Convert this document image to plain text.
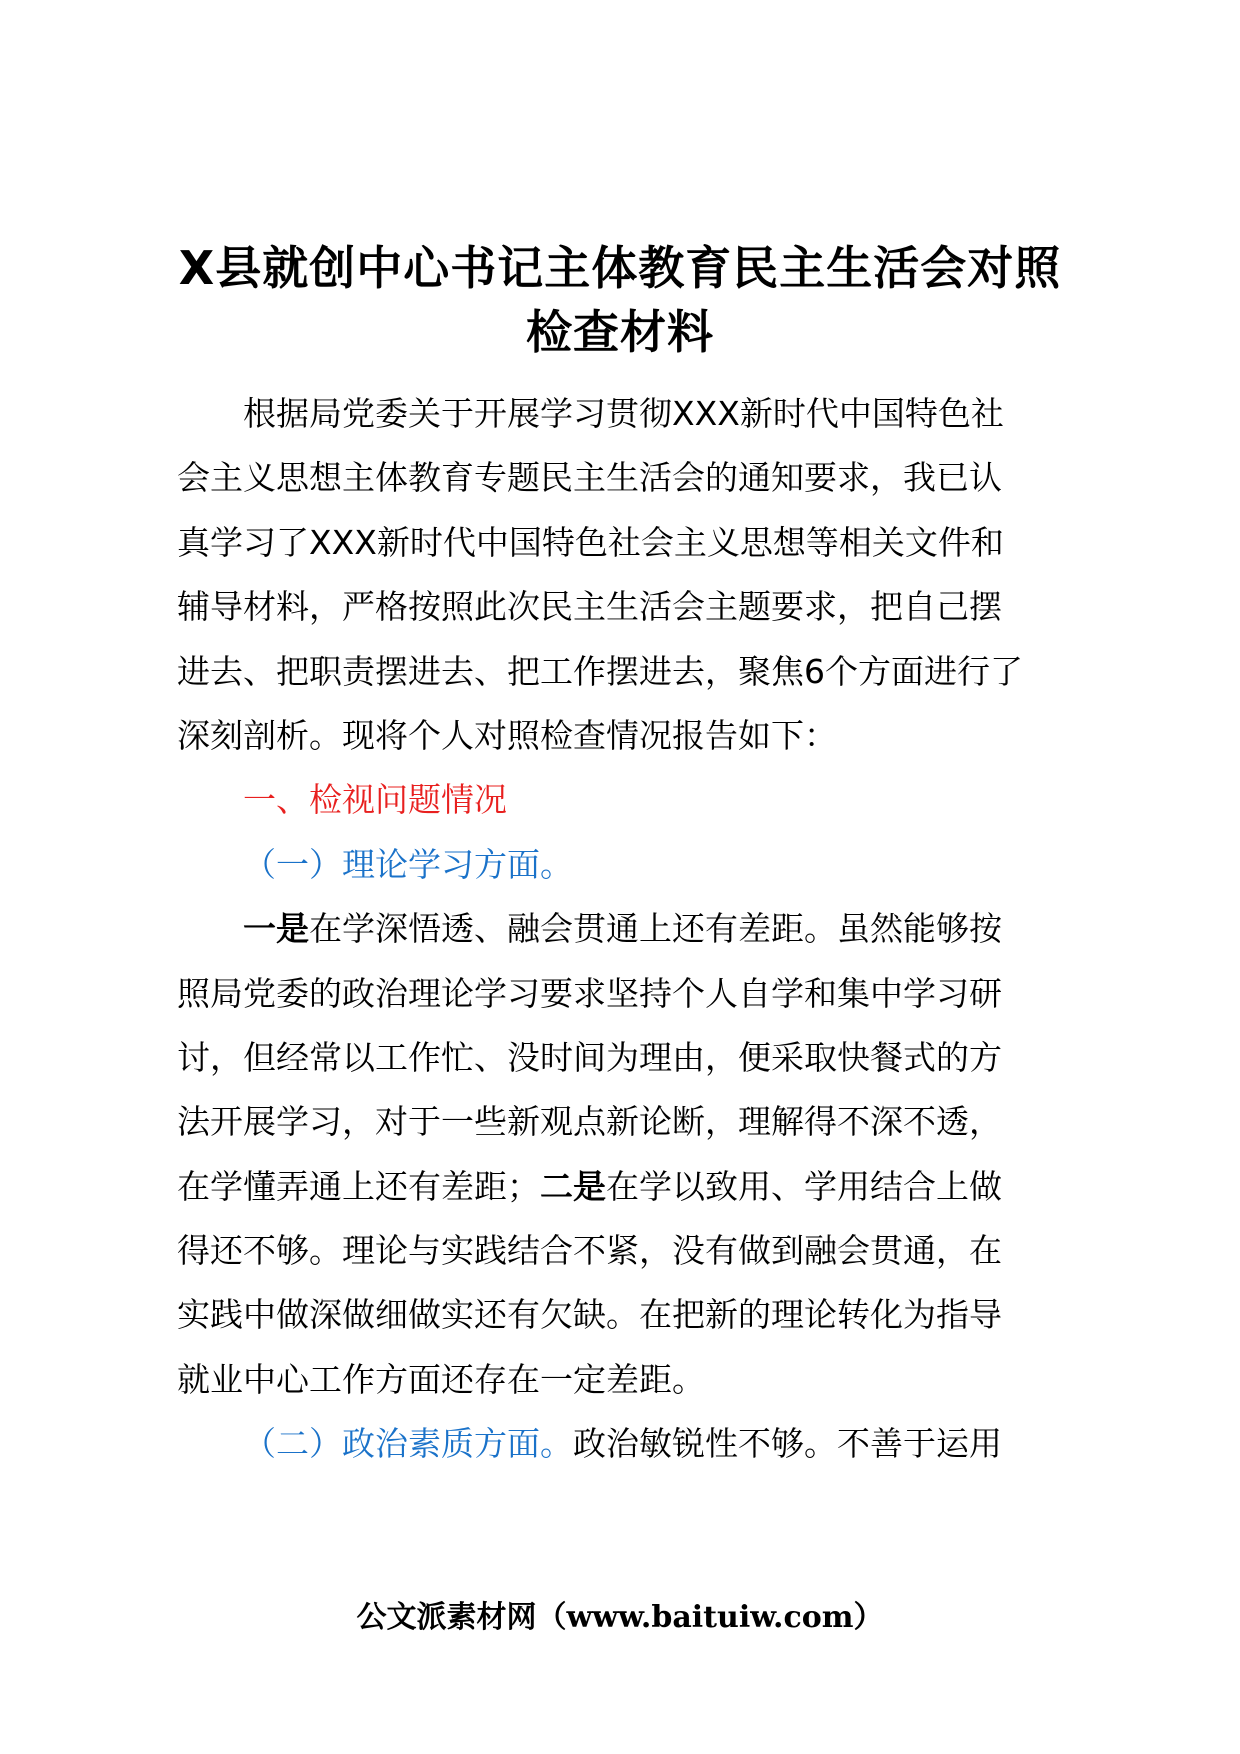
X县就创中心书记主体教育民主生活会对照
检查材料
根据局党委关于开展学习贯彻XXX新时代中国特色社
会主义思想主体教育专题民主生活会的通知要求，我已认
真学习了XXX新时代中国特色社会主义思想等相关文件和
辅导材料，严格按照此次民主生活会主题要求，把自己摆
进去、把职责摆进去、把工作摆进去，聚焦6个方面进行了
深刻剖析。现将个人对照检查情况报告如下：
一、检视问题情况
（一）理论学习方面。
一是在学深悟透、融会贯通上还有差距。虽然能够按
照局党委的政治理论学习要求坚持个人自学和集中学习研
讨，但经常以工作忙、没时间为理由，便采取快餐式的方
法开展学习，对于一些新观点新论断，理解得不深不透，
在学懂弄通上还有差距；二是在学以致用、学用结合上做
得还不够。理论与实践结合不紧，没有做到融会贯通，在
实践中做深做细做实还有欠缺。在把新的理论转化为指导
就业中心工作方面还存在一定差距。
（二）政治素质方面。政治敏锐性不够。不善于运用
公文派素材网（www.baituiw.com）
